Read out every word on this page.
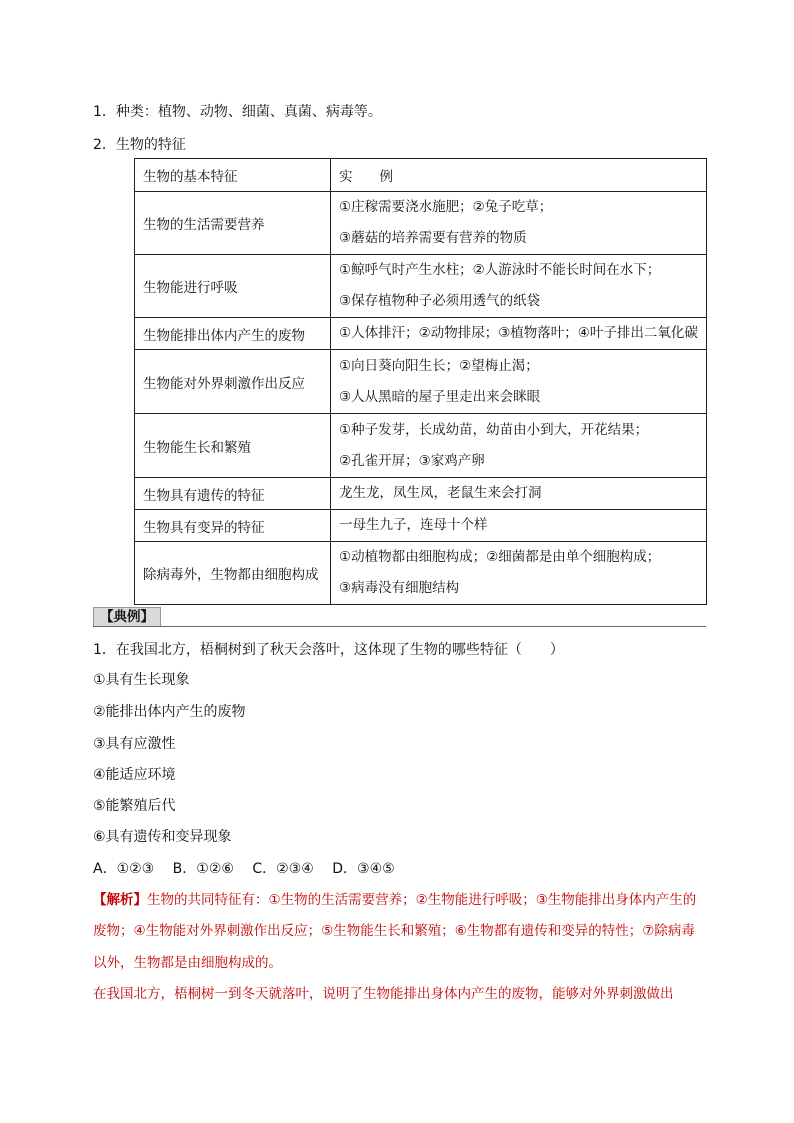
1．种类：植物、动物、细菌、真菌、病毒等。
2．生物的特征
生物的基本特征	实　　例
生物的生活需要营养	①庄稼需要浇水施肥；②兔子吃草；
③蘑菇的培养需要有营养的物质

生物能进行呼吸	①鲸呼气时产生水柱；②人游泳时不能长时间在水下；
③保存植物种子必须用透气的纸袋

生物能排出体内产生的废物	①人体排汗；②动物排尿；③植物落叶；④叶子排出二氧化碳

生物能对外界刺激作出反应	①向日葵向阳生长；②望梅止渴；
③人从黑暗的屋子里走出来会眯眼

生物能生长和繁殖	①种子发芽，长成幼苗，幼苗由小到大，开花结果；
②孔雀开屏；③家鸡产卵

生物具有遗传的特征	龙生龙，凤生凤，老鼠生来会打洞

生物具有变异的特征	一母生九子，连母十个样

除病毒外，生物都由细胞构成	①动植物都由细胞构成；②细菌都是由单个细胞构成；
③病毒没有细胞结构
【典例】
1．在我国北方，梧桐树到了秋天会落叶，这体现了生物的哪些特征（　　）
①具有生长现象
②能排出体内产生的废物
③具有应激性
④能适应环境
⑤能繁殖后代
⑥具有遗传和变异现象
A．①②③　 B．①②⑥　 C．②③④　 D．③④⑤
【解析】生物的共同特征有：①生物的生活需要营养；②生物能进行呼吸；③生物能排出身体内产生的
废物；④生物能对外界刺激作出反应；⑤生物能生长和繁殖；⑥生物都有遗传和变异的特性；⑦除病毒
以外，生物都是由细胞构成的。
在我国北方，梧桐树一到冬天就落叶，说明了生物能排出身体内产生的废物，能够对外界刺激做出
